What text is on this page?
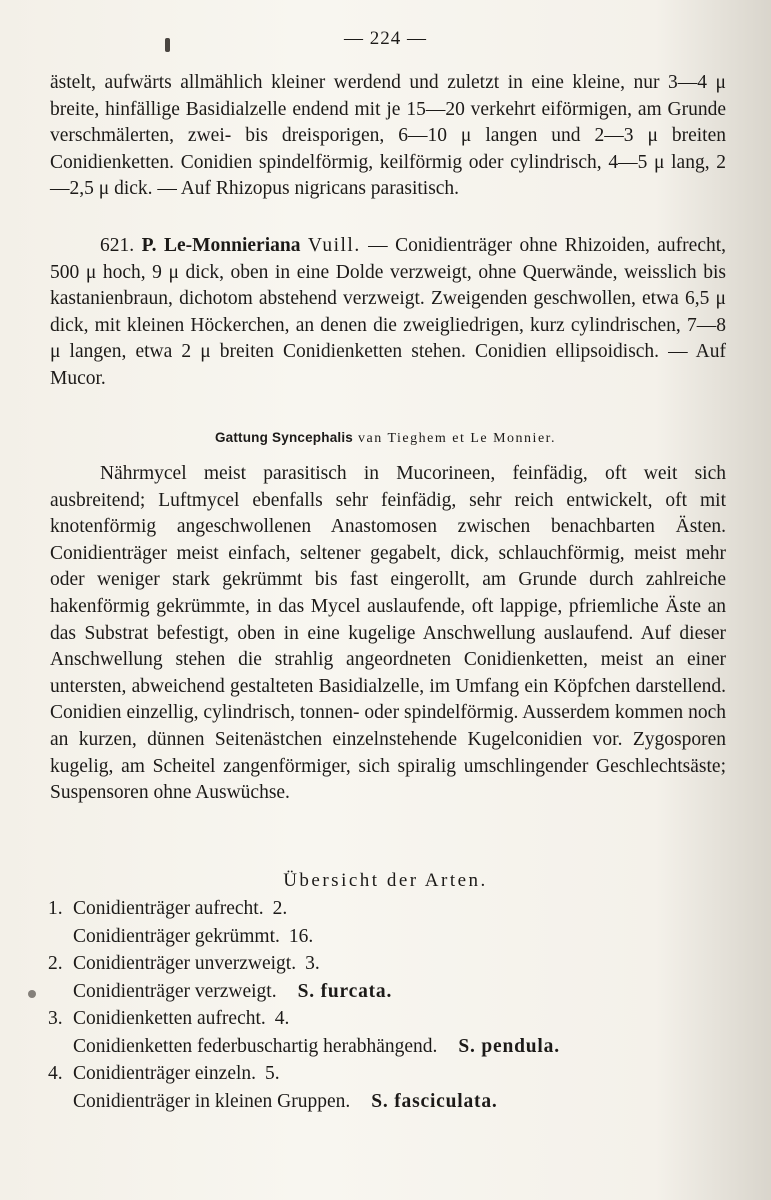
— 224 —

ästelt, aufwärts allmählich kleiner werdend und zuletzt in eine kleine, nur 3—4 μ breite, hinfällige Basidialzelle endend mit je 15—20 verkehrt eiförmigen, am Grunde verschmälerten, zwei- bis dreisporigen, 6—10 μ langen und 2—3 μ breiten Conidienketten. Conidien spindelförmig, keilförmig oder cylindrisch, 4—5 μ lang, 2—2,5 μ dick. — Auf Rhizopus nigricans parasitisch.

621. P. Le-Monnieriana Vuill. — Conidienträger ohne Rhizoiden, aufrecht, 500 μ hoch, 9 μ dick, oben in eine Dolde verzweigt, ohne Querwände, weisslich bis kastanienbraun, dichotom abstehend verzweigt. Zweigenden geschwollen, etwa 6,5 μ dick, mit kleinen Höckerchen, an denen die zweigliedrigen, kurz cylindrischen, 7—8 μ langen, etwa 2 μ breiten Conidienketten stehen. Conidien ellipsoidisch. — Auf Mucor.

Gattung Syncephalis van Tieghem et Le Monnier.

Nährmycel meist parasitisch in Mucorineen, feinfädig, oft weit sich ausbreitend; Luftmycel ebenfalls sehr feinfädig, sehr reich entwickelt, oft mit knotenförmig angeschwollenen Anastomosen zwischen benachbarten Ästen. Conidienträger meist einfach, seltener gegabelt, dick, schlauchförmig, meist mehr oder weniger stark gekrümmt bis fast eingerollt, am Grunde durch zahlreiche hakenförmig gekrümmte, in das Mycel auslaufende, oft lappige, pfriemliche Äste an das Substrat befestigt, oben in eine kugelige Anschwellung auslaufend. Auf dieser Anschwellung stehen die strahlig angeordneten Conidienketten, meist an einer untersten, abweichend gestalteten Basidialzelle, im Umfang ein Köpfchen darstellend. Conidien einzellig, cylindrisch, tonnen- oder spindelförmig. Ausserdem kommen noch an kurzen, dünnen Seitenästchen einzelnstehende Kugelconidien vor. Zygosporen kugelig, am Scheitel zangenförmiger, sich spiralig umschlingender Geschlechtsäste; Suspensoren ohne Auswüchse.

Übersicht der Arten.
1. Conidienträger aufrecht. 2.
Conidienträger gekrümmt. 16.
2. Conidienträger unverzweigt. 3.
Conidienträger verzweigt. S. furcata.
3. Conidienketten aufrecht. 4.
Conidienketten federbuschartig herabhängend. S. pendula.
4. Conidienträger einzeln. 5.
Conidienträger in kleinen Gruppen. S. fasciculata.
